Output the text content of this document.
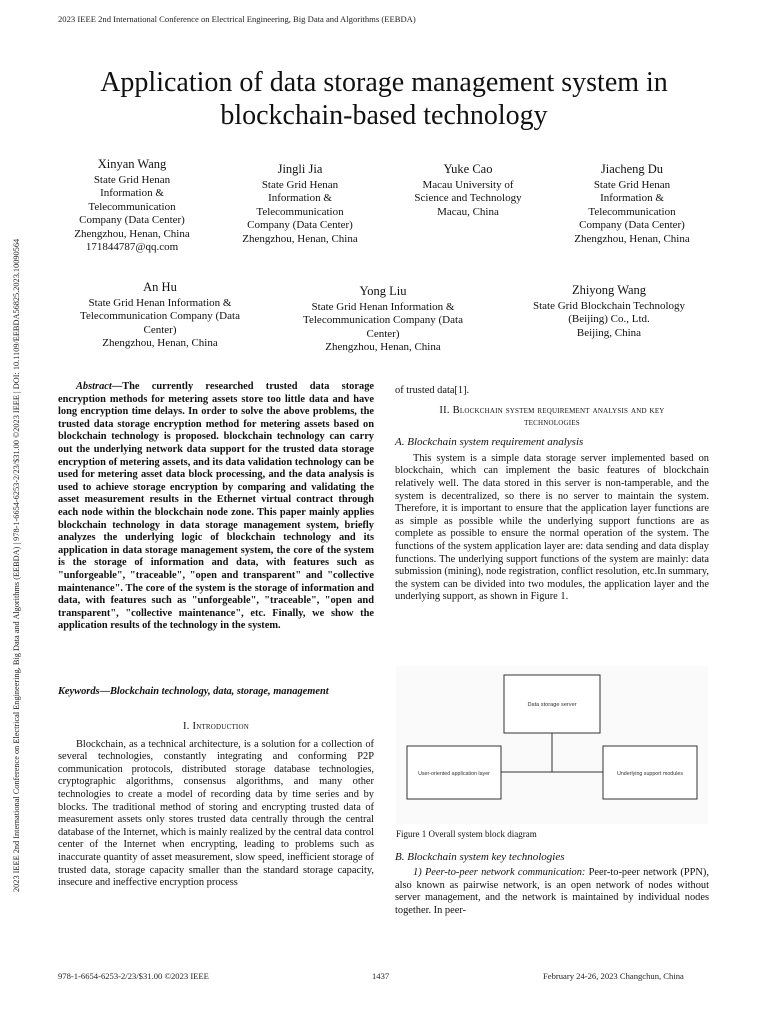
2023 IEEE 2nd International Conference on Electrical Engineering, Big Data and Algorithms (EEBDA)
2023 IEEE 2nd International Conference on Electrical Engineering, Big Data and Algorithms (EEBDA) | 978-1-6654-6253-2/23/$31.00 ©2023 IEEE | DOI: 10.1109/EEBDA56825.2023.10090564
Application of data storage management system in
blockchain-based technology
Xinyan Wang
State Grid Henan
Information &
Telecommunication
Company (Data Center)
Zhengzhou, Henan, China
171844787@qq.com
Jingli Jia
State Grid Henan
Information &
Telecommunication
Company (Data Center)
Zhengzhou, Henan, China
Yuke Cao
Macau University of
Science and Technology
Macau, China
Jiacheng Du
State Grid Henan
Information &
Telecommunication
Company (Data Center)
Zhengzhou, Henan, China
An Hu
State Grid Henan Information &
Telecommunication Company (Data
Center)
Zhengzhou, Henan, China
Yong Liu
State Grid Henan Information &
Telecommunication Company (Data
Center)
Zhengzhou, Henan, China
Zhiyong Wang
State Grid Blockchain Technology
(Beijing) Co., Ltd.
Beijing, China

Abstract—The currently researched trusted data storage encryption methods for metering assets store too little data and have long encryption time delays. In order to solve the above problems, the trusted data storage encryption method for metering assets based on blockchain technology is proposed. blockchain technology can carry out the underlying network data support for the trusted data storage encryption of metering assets, and its data validation technology can be used for metering asset data block processing, and the data analysis is used to achieve storage encryption by comparing and validating the asset measurement results in the Ethernet virtual contract through each node within the blockchain node zone. This paper mainly applies blockchain technology in data storage management system, briefly analyzes the underlying logic of blockchain technology and its application in data storage management system, the core of the system is the storage of information and data, with features such as "unforgeable", "traceable", "open and transparent" and "collective maintenance". The core of the system is the storage of information and data, with features such as "unforgeable", "traceable", "open and transparent", "collective maintenance", etc. Finally, we show the application results of the technology in the system.

Keywords—Blockchain technology, data, storage, management
I. Introduction

Blockchain, as a technical architecture, is a solution for a collection of several technologies, constantly integrating and conforming P2P communication protocols, distributed storage database technologies, cryptographic algorithms, consensus algorithms, and many other technologies to create a model of recording data by time series and by blocks. The traditional method of storing and encrypting trusted data of measurement assets only stores trusted data centrally through the central database of the Internet, which is mainly realized by the central data control center of the Internet when encrypting, leading to problems such as inaccurate quantity of asset measurement, slow speed, inefficient storage of trusted data, storage capacity smaller than the standard storage capacity, insecure and ineffective encryption process

of trusted data[1].

II. Blockchain system requirement analysis and key
technologies
A. Blockchain system requirement analysis

This system is a simple data storage server implemented based on blockchain, which can implement the basic features of blockchain relatively well. The data stored in this server is non-tamperable, and the system is decentralized, so there is no server to maintain the system. Therefore, it is important to ensure that the application layer functions are as simple as possible while the underlying support functions are as complete as possible to ensure the normal operation of the system. The functions of the system application layer are: data sending and data display functions. The underlying support functions of the system are mainly: data submission (mining), node registration, conflict resolution, etc.In summary, the system can be divided into two modules, the application layer and the underlying support, as shown in Figure 1.

Data storage server
User-oriented application layer	Underlying support modules
Figure 1 Overall system block diagram
B. Blockchain system key technologies

1) Peer-to-peer network communication: Peer-to-peer network (PPN), also known as pairwise network, is an open network of nodes without server management, and the network is maintained by individual nodes together. In peer-

978-1-6654-6253-2/23/$31.00 ©2023 IEEE	1437	February 24-26, 2023 Changchun, China
